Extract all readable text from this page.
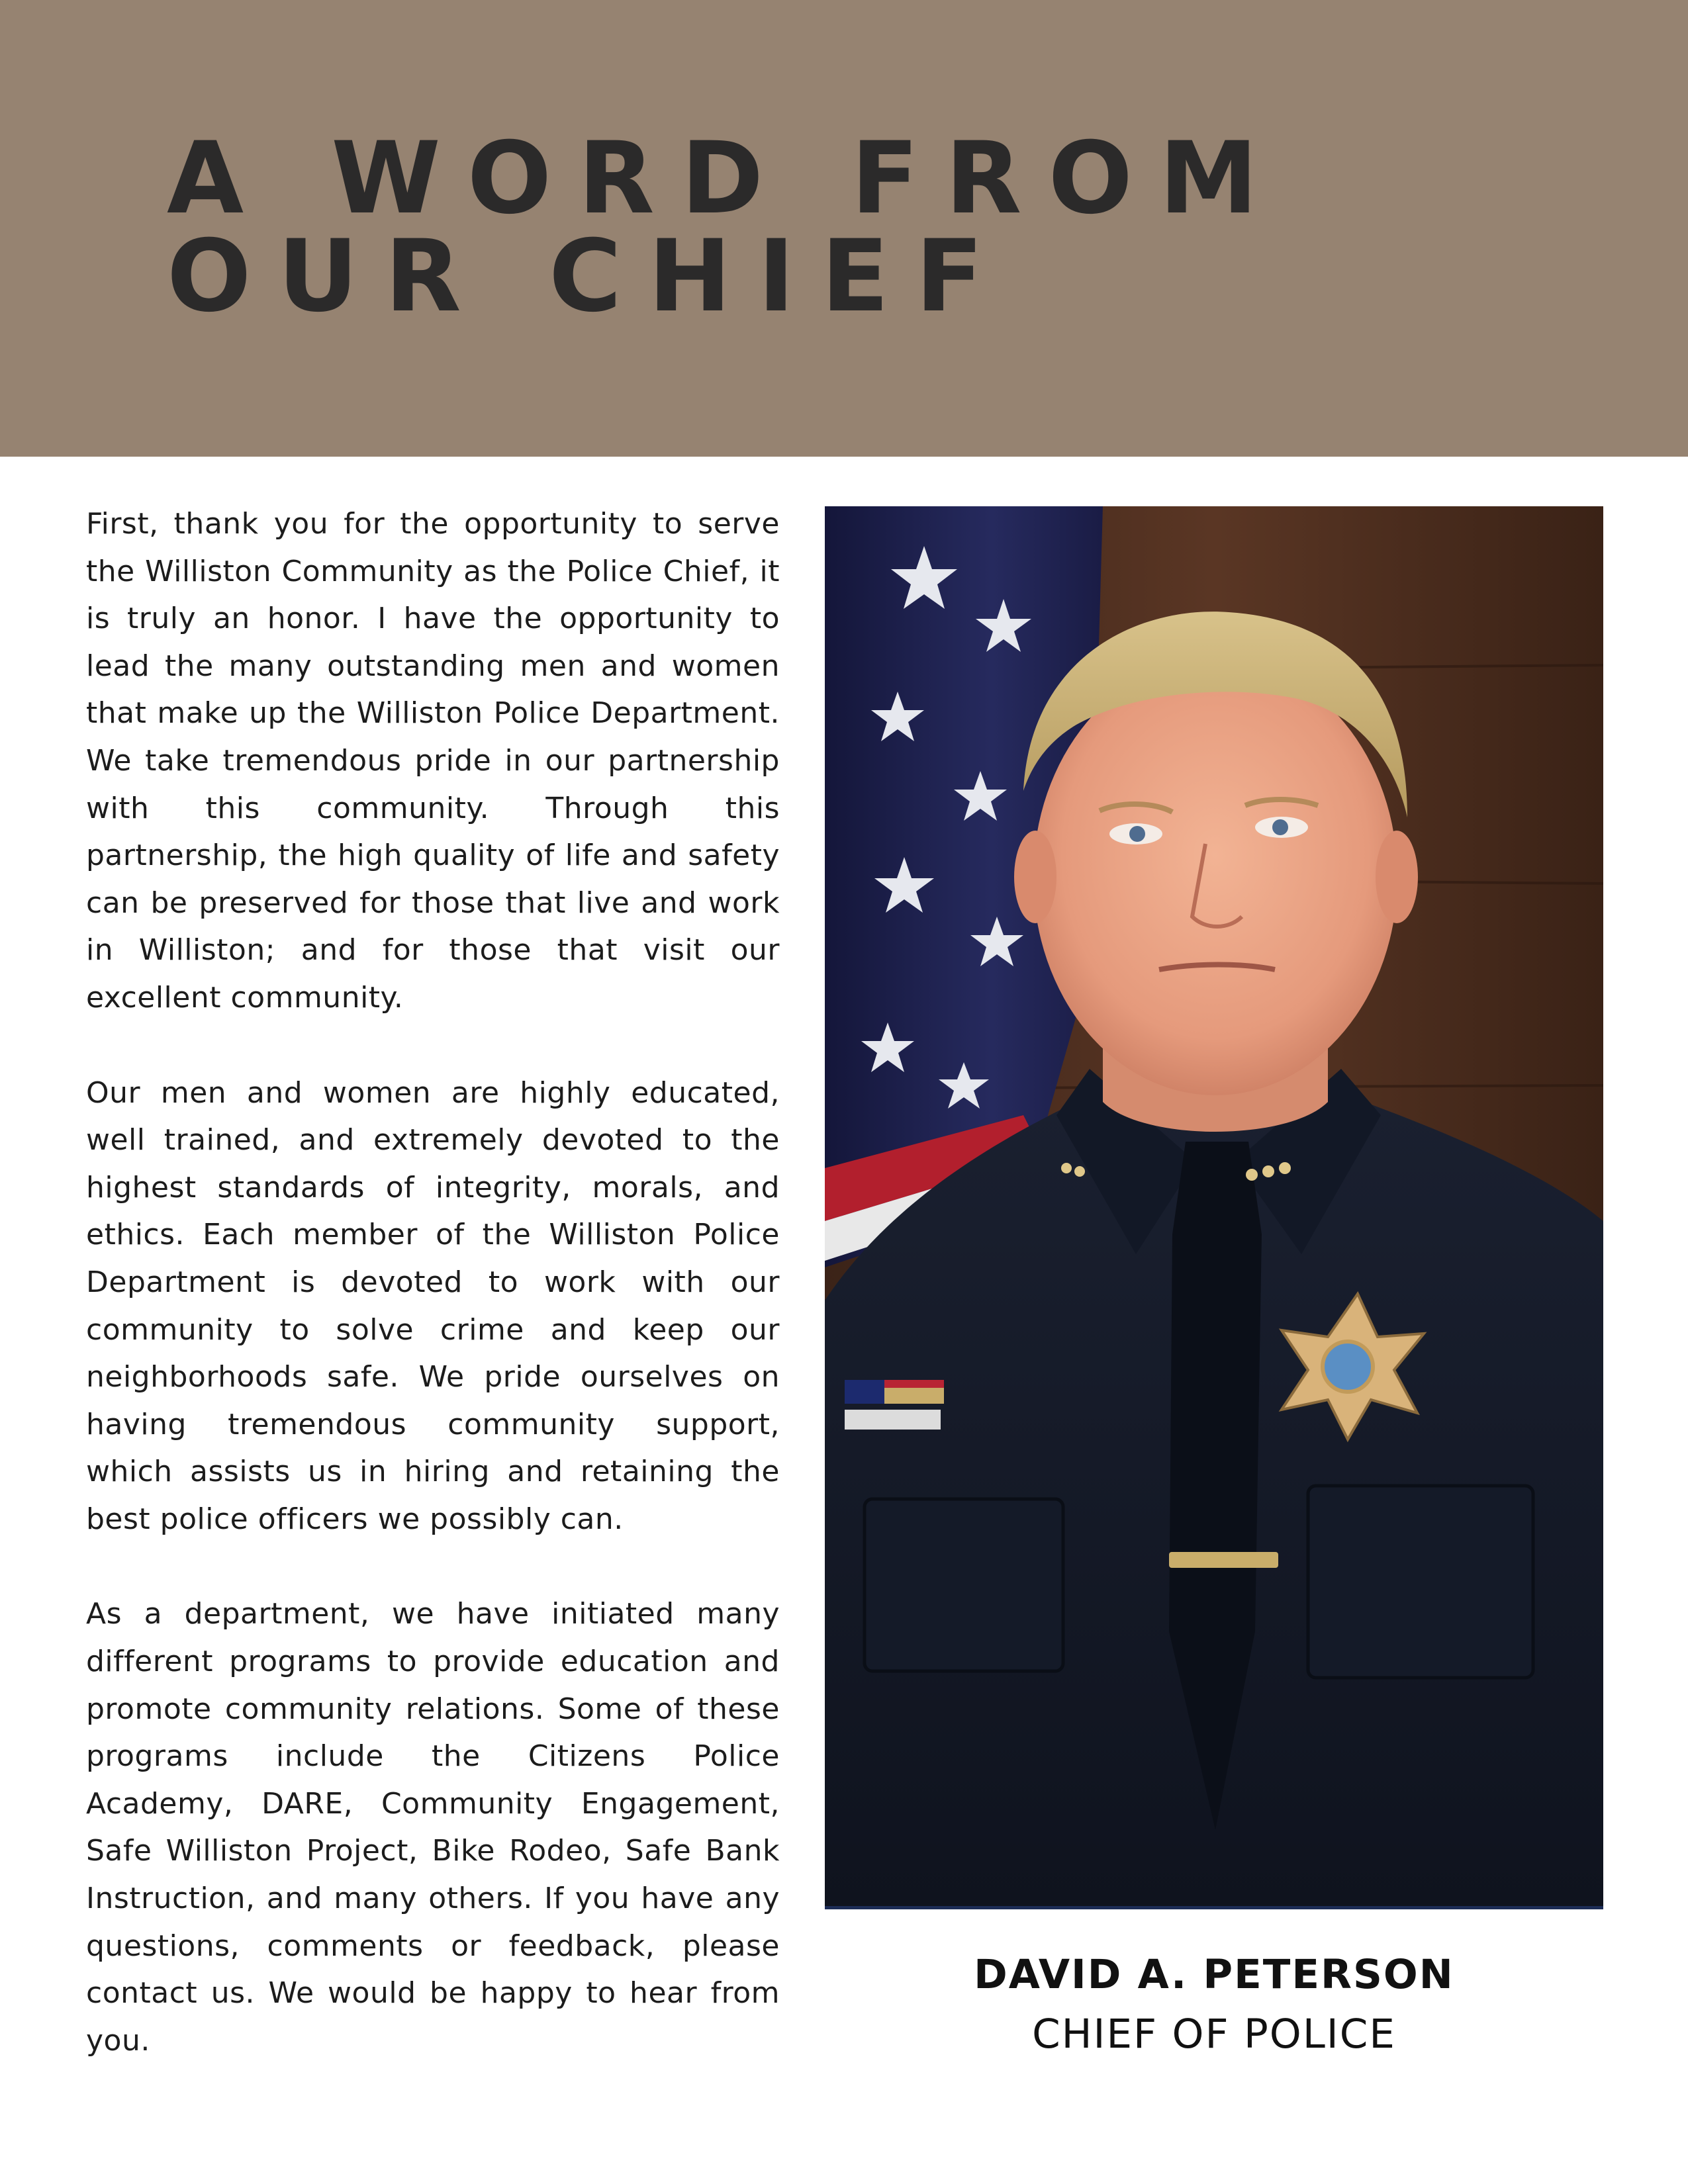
A WORD FROM
OUR CHIEF

First, thank you for the opportunity to serve the Williston Community as the Police Chief, it is truly an honor. I have the opportunity to lead the many outstanding men and women that make up the Williston Police Department. We take tremendous pride in our partnership with this community. Through this partnership, the high quality of life and safety can be preserved for those that live and work in Williston; and for those that visit our excellent community.

Our men and women are highly educated, well trained, and extremely devoted to the highest standards of integrity, morals, and ethics. Each member of the Williston Police Department is devoted to work with our community to solve crime and keep our neighborhoods safe. We pride ourselves on having tremendous community support, which assists us in hiring and retaining the best police officers we possibly can.

As a department, we have initiated many different programs to provide education and promote community relations. Some of these programs include the Citizens Police Academy, DARE, Community Engagement, Safe Williston Project, Bike Rodeo, Safe Bank Instruction, and many others. If you have any questions, comments or feedback, please contact us. We would be happy to hear from you.

DAVID A. PETERSON
CHIEF OF POLICE
